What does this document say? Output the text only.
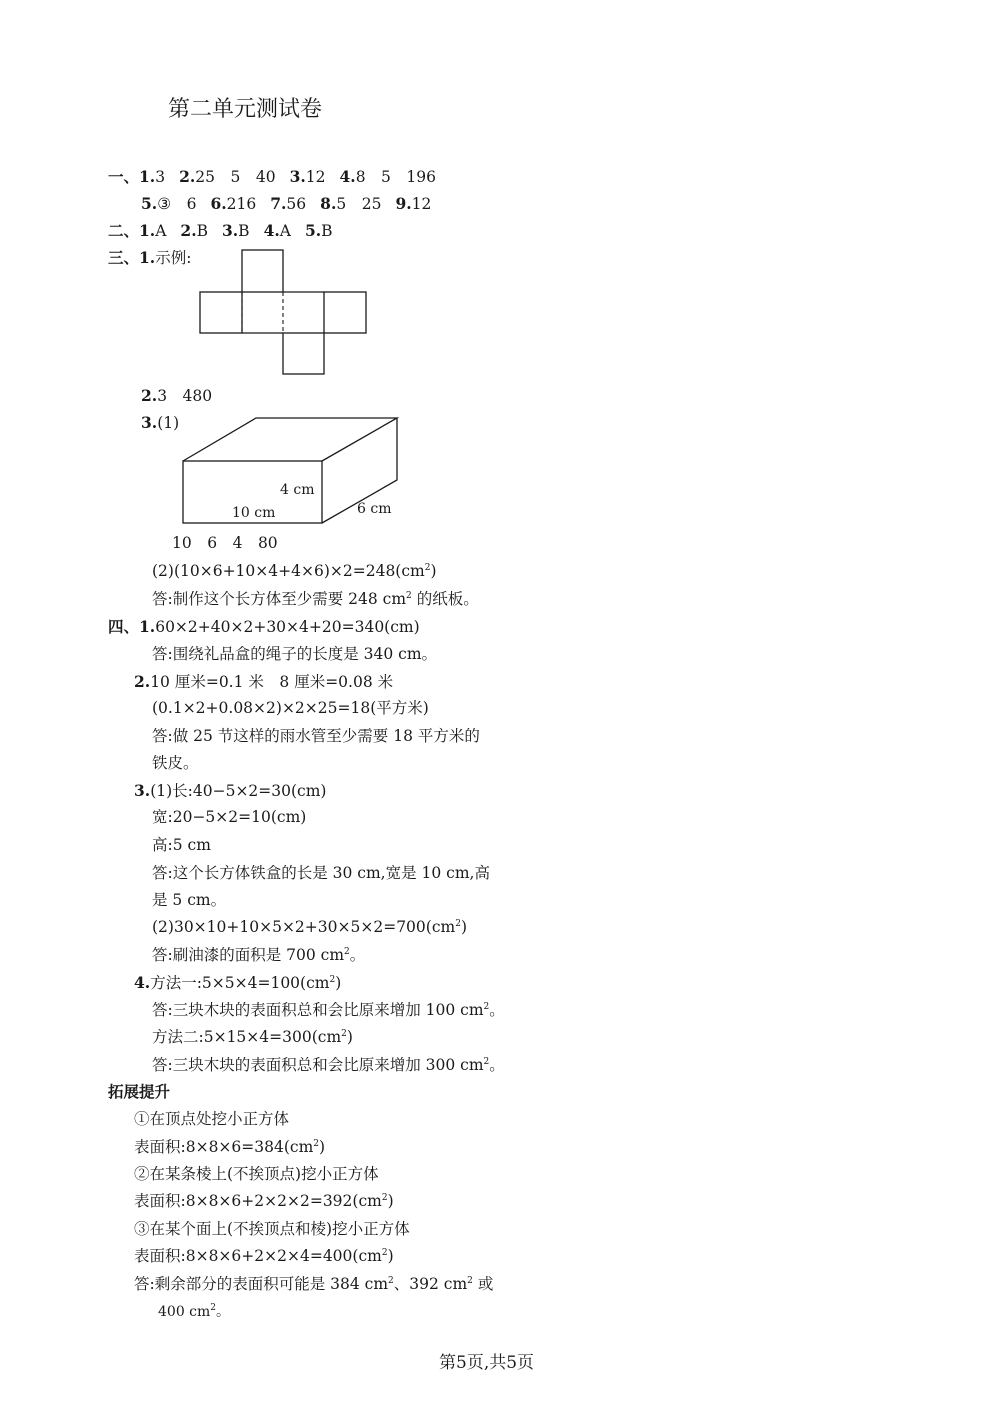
第二单元测试卷
一、1.3 2.25　5　40 3.12 4.8　5　196
5.③　6 6.216 7.56 8.5　25 9.12
二、1.A 2.B 3.B 4.A 5.B
三、1.示例:
2.3　480
3.(1)
4 cm
10 cm	6 cm
10　6　4　80
$(2)(10\times 6+10\times 4+4\times 6)\times 2=248(cm^2)$
答:制作这个长方体至少需要 248 $cm^2$ 的纸板。
四、1.60×2+40×2+30×4+20=340(cm)
答:围绕礼品盒的绳子的长度是 340 cm。
2.10 厘米=0.1 米　8 厘米=0.08 米
(0.1×2+0.08×2)×2×25=18(平方米)
答:做 25 节这样的雨水管至少需要 18 平方米的
铁皮。
3.(1)长:40−5×2=30(cm)
宽:20−5×2=10(cm)
高:5 cm
答:这个长方体铁盒的长是 30 cm,宽是 10 cm,高
是 5 cm。
$(2)30\times 10+10\times 5\times 2+30\times 5\times 2=700(cm^2)$
答:刷油漆的面积是 700 $cm^2$。
4.方法一$:5\times 5\times 4=100(cm^2)$
答:三块木块的表面积总和会比原来增加 100 $cm^2$。
方法二$:5\times 15\times 4=300(cm^2)$
答:三块木块的表面积总和会比原来增加 300 $cm^2$。
拓展提升
①在顶点处挖小正方体
表面积$:8\times 8\times 6=384(cm^2)$
②在某条棱上(不挨顶点)挖小正方体
表面积$:8\times 8\times 6+2\times 2\times 2=392(cm^2)$
③在某个面上(不挨顶点和棱)挖小正方体
表面积$:8\times 8\times 6+2\times 2\times 4=400(cm^2)$
答:剩余部分的表面积可能是 384 $cm^2$、392 $cm^2$ 或
400 $cm^2$。
第5页,共5页
